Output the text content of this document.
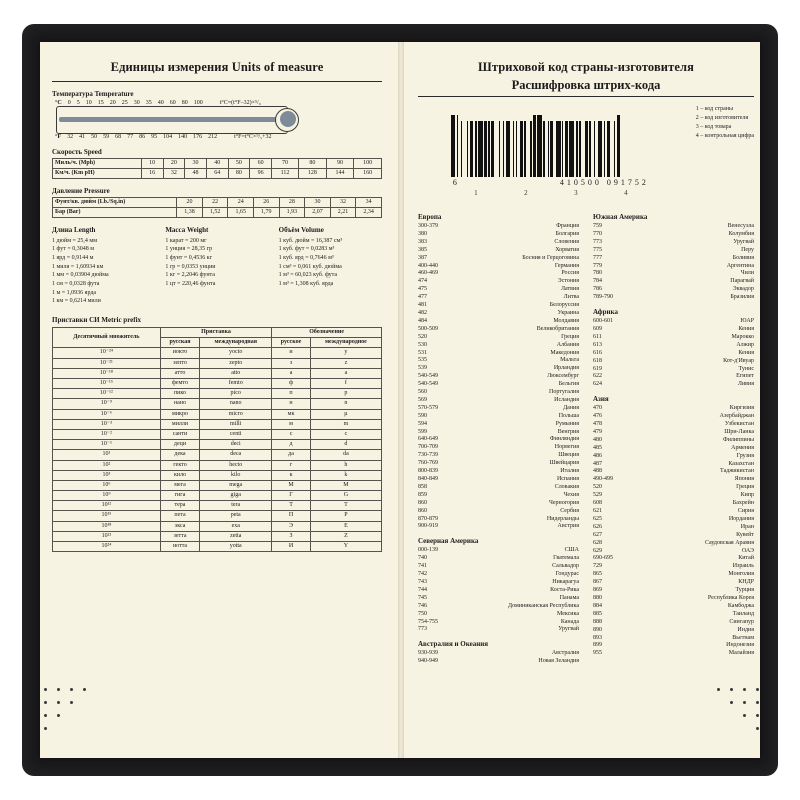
Единицы измерения Units of measure
Температура Temperature
°C	0	5	10	15	20	25	30	35	40	60	80	100	t°C=(t°F–32)×⁵/₉
°F	32	41	50	59	68	77	86	95	104	140	176	212	t°F=t°C×⁹/₅+32
Скорость Speed
Миль/ч. (Mph)	10	20	30	40	50	60	70	80	90	100
Км/ч. (Km pH)	16	32	48	64	80	96	112	128	144	160
Давление Pressure
Фунт/кв. дюйм (Lb./Sq.in)	20	22	24	26	28	30	32	34
Бар (Bar)	1,38	1,52	1,65	1,79	1,93	2,07	2,21	2,34
Длина Length
1 дюйм = 25,4 мм
1 фут = 0,3048 м
1 ярд = 0,9144 м
1 миля = 1,60934 км
1 мм = 0,03904 дюйма
1 см = 0,0328 фута
1 м = 1,0936 ярда
1 км = 0,6214 мили
Масса Weight
1 карат = 200 мг
1 унция = 28,35 гр
1 фунт = 0,4536 кг
1 гр = 0,0353 унции
1 кг = 2,2046 фунта
1 цт = 220,46 фунта
Объём Volume
1 куб. дюйм = 16,387 см³
1 куб. фут = 0,0283 м³
1 куб. ярд = 0,7646 м³
1 см³ = 0,061 куб. дюйма
1 м³ = 60,023 куб. фута
1 м³ = 1,308 куб. ярда
Приставки СИ Metric prefix
Десятичный множитель	Приставка		Обозначение	
	русская	международная	русское	международное
10⁻²⁴	иокто	yocto	и	y
10⁻²¹	зепто	zepto	з	z
10⁻¹⁸	атто	atto	а	a
10⁻¹⁵	фемто	femto	ф	f
10⁻¹²	пико	pico	п	p
10⁻⁹	нано	nano	н	n
10⁻⁶	микро	micro	мк	µ
10⁻³	милли	milli	м	m
10⁻²	санти	centi	с	c
10⁻¹	деци	deci	д	d
10¹	дека	deca	да	da
10²	гекто	hecto	г	h
10³	кило	kilo	к	k
10⁶	мега	mega	М	M
10⁹	гига	giga	Г	G
10¹²	тера	tera	Т	T
10¹⁵	пета	peta	П	P
10¹⁸	экса	exa	Э	E
10²¹	зетта	zetta	З	Z
10²⁴	иотта	yotta	И	Y
Штриховой код страны-изготовителя
Расшифровка штрих-кода
6	410500 091752
1	2	3	4
1 – код страны
2 – код изготовителя
3 – код товара
4 – контрольная цифра
Европа
300-379	Франция
380	Болгария
383	Словения
385	Хорватия
387	Босния и Герцоговина
400-440	Германия
460-469	Россия
474	Эстония
475	Латвия
477	Литва
481	Белоруссия
482	Украина
484	Молдавия
500-509	Великобритания
520	Греция
530	Албания
531	Македония
535	Мальта
539	Ирландия
540-549	Люксембург
540-549	Бельгия
560	Португалия
569	Исландия
570-579	Дания
590	Польша
594	Румыния
599	Венгрия
640-649	Финляндия
700-709	Норвегия
730-739	Швеция
760-769	Швейцария
800-839	Италия
840-849	Испания
858	Словакия
859	Чехия
860	Черногория
860	Сербия
870-879	Нидерланды
900-919	Австрия
Северная Америка
000-139	США
740	Гватемала
741	Сальвадор
742	Гондурас
743	Никарагуа
744	Коста-Рика
745	Панама
746	Доминиканская Республика
750	Мексика
754-755	Канада
773	Уругвай
Австралия и Океания
930-939	Австралия
940-949	Новая Зеландия
Южная Америка
759	Венесуэла
770	Колумбия
773	Уругвай
775	Перу
777	Боливия
779	Аргентина
780	Чили
784	Парагвай
786	Эквадор
789-790	Бразилия
Африка
600-601	ЮАР
609	Кения
611	Марокко
613	Алжир
616	Кения
618	Кот-д'Ивуар
619	Тунис
622	Египет
624	Ливия
Азия
470	Киргизия
476	Азербайджан
478	Узбекистан
479	Шри-Ланка
480	Филиппины
485	Армения
486	Грузия
487	Казахстан
488	Таджикистан
490-499	Япония
520	Греция
529	Кипр
608	Бахрейн
621	Сирия
625	Иордания
626	Иран
627	Кувейт
628	Саудовская Аравия
629	ОАЭ
690-695	Китай
729	Израиль
865	Монголия
867	КНДР
869	Турция
880	Республика Корея
884	Камбоджа
885	Таиланд
888	Сингапур
890	Индия
893	Вьетнам
899	Индонезия
955	Малайзия
